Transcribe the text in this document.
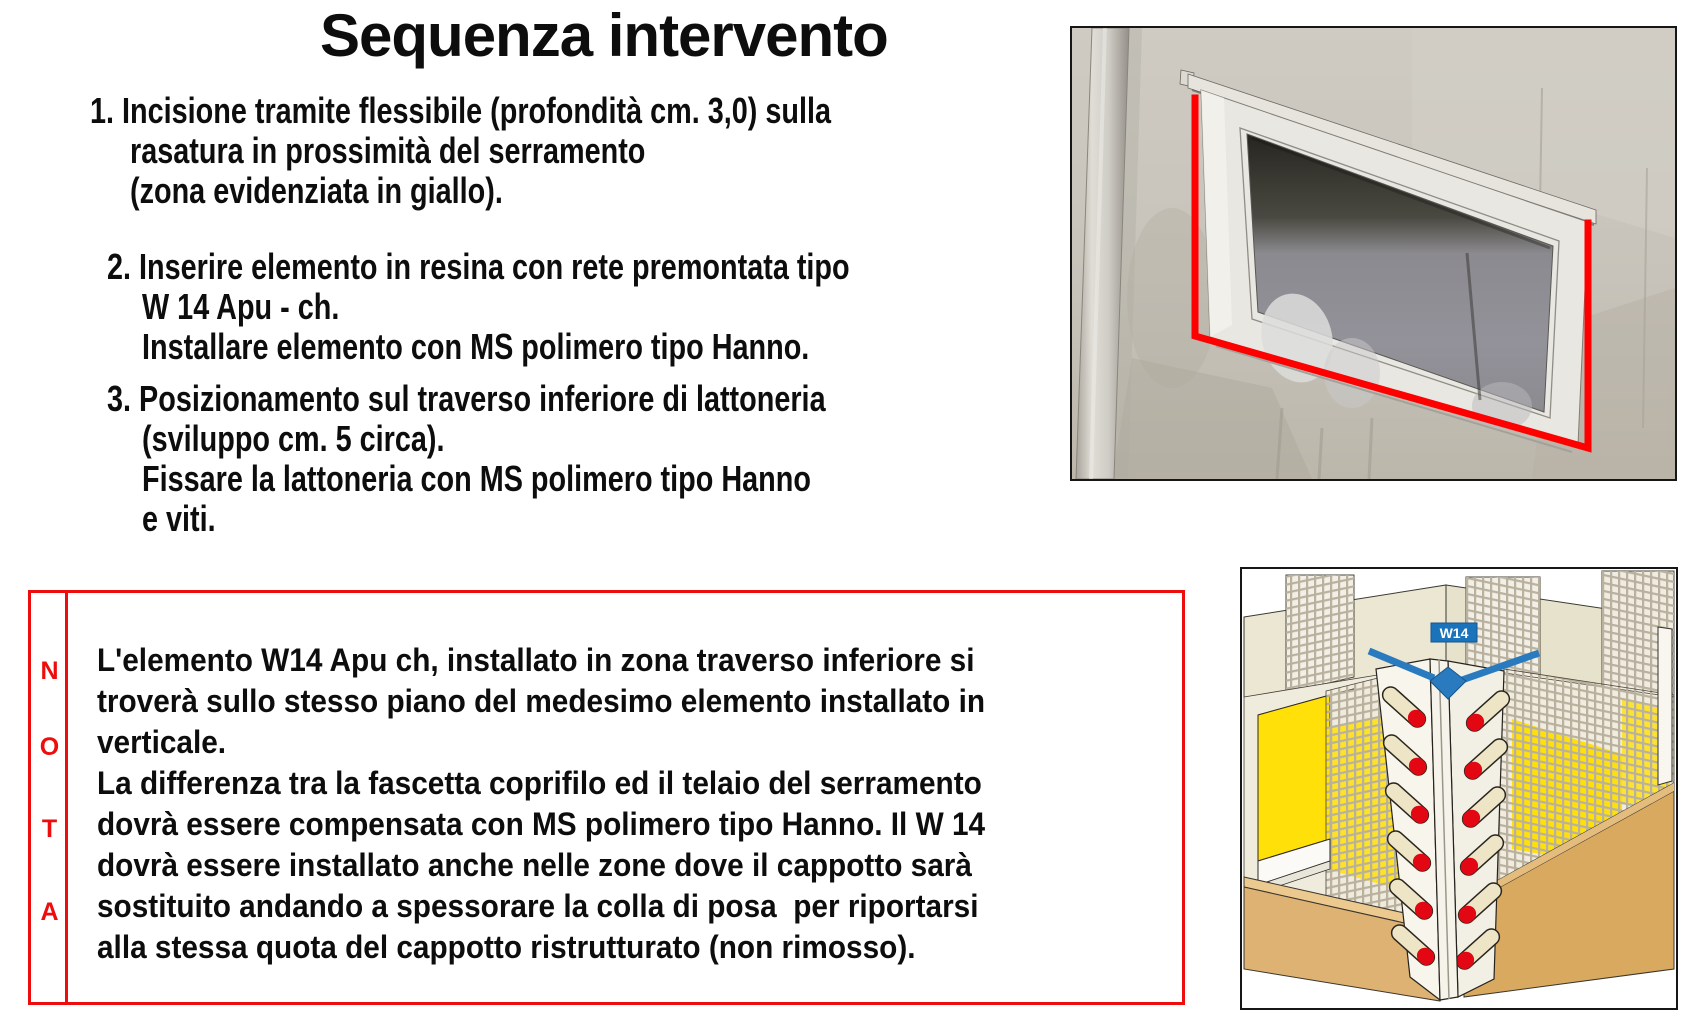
Sequenza intervento
1. Incisione tramite flessibile (profondità cm. 3,0) sulla
rasatura in prossimità del serramento
(zona evidenziata in giallo).
2. Inserire elemento in resina con rete premontata tipo
W 14 Apu - ch.
Installare elemento con MS polimero tipo Hanno.
3. Posizionamento sul traverso inferiore di lattoneria
(sviluppo cm. 5 circa).
Fissare la lattoneria con MS polimero tipo Hanno
e viti.
N
O
T
A
L'elemento W14 Apu ch, installato in zona traverso inferiore si
troverà sullo stesso piano del medesimo elemento installato in
verticale.
La differenza tra la fascetta coprifilo ed il telaio del serramento
dovrà essere compensata con MS polimero tipo Hanno. Il W 14
dovrà essere installato anche nelle zone dove il cappotto sarà
sostituito andando a spessorare la colla di posa  per riportarsi
alla stessa quota del cappotto ristrutturato (non rimosso).
W14
